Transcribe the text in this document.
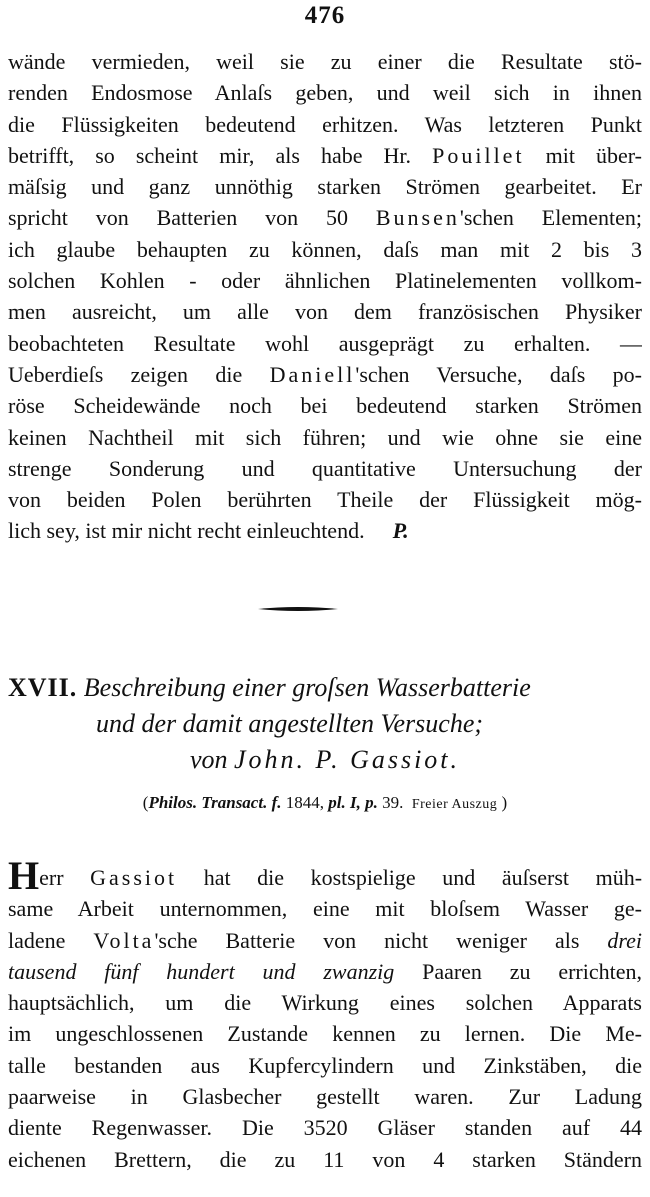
476
wände vermieden, weil sie zu einer die Resultate stö-
renden Endosmose Anlaſs geben, und weil sich in ihnen
die Flüssigkeiten bedeutend erhitzen. Was letzteren Punkt
betrifft, so scheint mir, als habe Hr. Pouillet mit über-
mäſsig und ganz unnöthig starken Strömen gearbeitet. Er
spricht von Batterien von 50 Bunsen'schen Elementen;
ich glaube behaupten zu können, daſs man mit 2 bis 3
solchen Kohlen - oder ähnlichen Platinelementen vollkom-
men ausreicht, um alle von dem französischen Physiker
beobachteten Resultate wohl ausgeprägt zu erhalten. —
Ueberdieſs zeigen die Daniell'schen Versuche, daſs po-
röse Scheidewände noch bei bedeutend starken Strömen
keinen Nachtheil mit sich führen; und wie ohne sie eine
strenge Sonderung und quantitative Untersuchung der
von beiden Polen berührten Theile der Flüssigkeit mög-
lich sey, ist mir nicht recht einleuchtend. P.
XVII. Beschreibung einer groſsen Wasserbatterie
und der damit angestellten Versuche;
von John. P. Gassiot.
(Philos. Transact. f. 1844, pl. I, p. 39. Freier Auszug )
Herr Gassiot hat die kostspielige und äuſserst müh-
same Arbeit unternommen, eine mit bloſsem Wasser ge-
ladene Volta'sche Batterie von nicht weniger als drei
tausend fünf hundert und zwanzig Paaren zu errichten,
hauptsächlich, um die Wirkung eines solchen Apparats
im ungeschlossenen Zustande kennen zu lernen. Die Me-
talle bestanden aus Kupfercylindern und Zinkstäben, die
paarweise in Glasbecher gestellt waren. Zur Ladung
diente Regenwasser. Die 3520 Gläser standen auf 44
eichenen Brettern, die zu 11 von 4 starken Ständern
